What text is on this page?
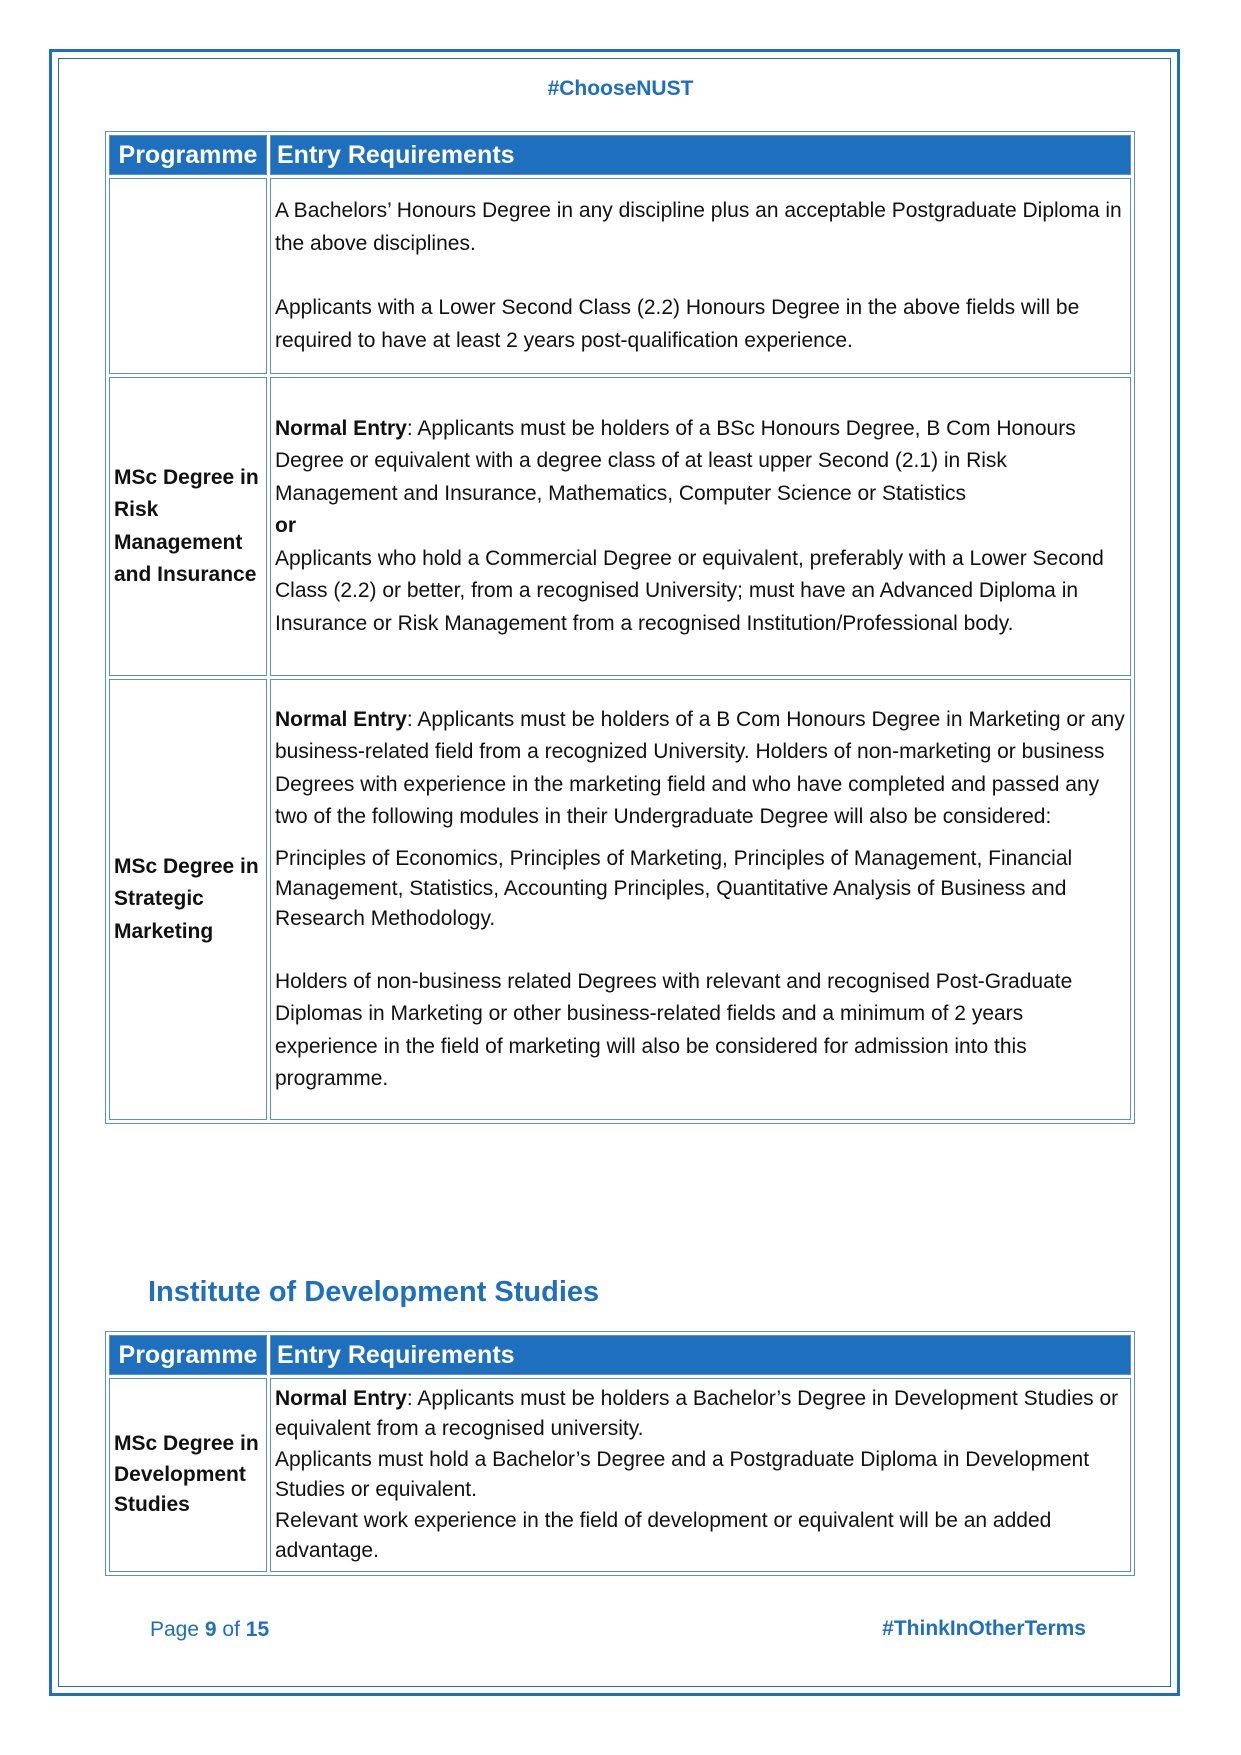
#ChooseNUST
Programme	Entry Requirements

	A Bachelors’ Honours Degree in any discipline plus an acceptable Postgraduate Diploma in the above disciplines.
Applicants with a Lower Second Class (2.2) Honours Degree in the above fields will be required to have at least 2 years post-qualification experience.

MSc Degree in Risk Management and Insurance	Normal Entry: Applicants must be holders of a BSc Honours Degree, B Com Honours Degree or equivalent with a degree class of at least upper Second (2.1) in Risk Management and Insurance, Mathematics, Computer Science or Statistics
or
Applicants who hold a Commercial Degree or equivalent, preferably with a Lower Second Class (2.2) or better, from a recognised University; must have an Advanced Diploma in Insurance or Risk Management from a recognised Institution/Professional body.

MSc Degree in Strategic Marketing	Normal Entry: Applicants must be holders of a B Com Honours Degree in Marketing or any business-related field from a recognized University. Holders of non-marketing or business Degrees with experience in the marketing field and who have completed and passed any two of the following modules in their Undergraduate Degree will also be considered:
Principles of Economics, Principles of Marketing, Principles of Management, Financial Management, Statistics, Accounting Principles, Quantitative Analysis of Business and Research Methodology.
Holders of non-business related Degrees with relevant and recognised Post-Graduate Diplomas in Marketing or other business-related fields and a minimum of 2 years experience in the field of marketing will also be considered for admission into this programme.
Institute of Development Studies
Programme	Entry Requirements
MSc Degree in Development Studies	Normal Entry: Applicants must be holders a Bachelor’s Degree in Development Studies or equivalent from a recognised university.
Applicants must hold a Bachelor’s Degree and a Postgraduate Diploma in Development Studies or equivalent.
Relevant work experience in the field of development or equivalent will be an added advantage.
Page 9 of 15	#ThinkInOtherTerms
